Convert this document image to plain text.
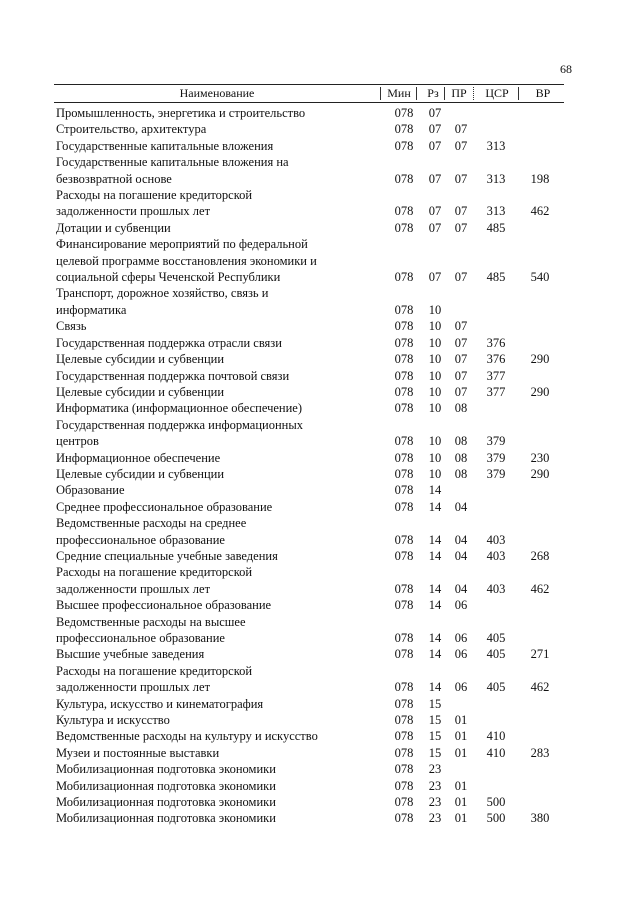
68
Наименование	Мин Рз ПР	ЦСР	ВР
Промышленность, энергетика и строительство	078	07
Строительство, архитектура	078	07	07
Государственные капитальные вложения	078	07	07	313
Государственные капитальные вложения на
безвозвратной основе	078	07	07	313	198
Расходы на погашение кредиторской
задолженности прошлых лет	078	07	07	313	462
Дотации и субвенции	078	07	07	485
Финансирование мероприятий по федеральной
целевой программе восстановления экономики и
социальной сферы Чеченской Республики	078	07	07	485	540
Транспорт, дорожное хозяйство, связь и
информатика	078	10
Связь	078	10	07
Государственная поддержка отрасли связи	078	10	07	376
Целевые субсидии и субвенции	078	10	07	376	290
Государственная поддержка почтовой связи	078	10	07	377
Целевые субсидии и субвенции	078	10	07	377	290
Информатика (информационное обеспечение)	078	10	08
Государственная поддержка информационных
центров	078	10	08	379
Информационное обеспечение	078	10	08	379	230
Целевые субсидии и субвенции	078	10	08	379	290
Образование	078	14
Среднее профессиональное образование	078	14	04
Ведомственные расходы на среднее
профессиональное образование	078	14	04	403
Средние специальные учебные заведения	078	14	04	403	268
Расходы на погашение кредиторской
задолженности прошлых лет	078	14	04	403	462
Высшее профессиональное образование	078	14	06
Ведомственные расходы на высшее
профессиональное образование	078	14	06	405
Высшие учебные заведения	078	14	06	405	271
Расходы на погашение кредиторской
задолженности прошлых лет	078	14	06	405	462
Культура, искусство и кинематография	078	15
Культура и искусство	078	15	01
Ведомственные расходы на культуру и искусство	078	15	01	410
Музеи и постоянные выставки	078	15	01	410	283
Мобилизационная подготовка экономики	078	23
Мобилизационная подготовка экономики	078	23	01
Мобилизационная подготовка экономики	078	23	01	500
Мобилизационная подготовка экономики	078	23	01	500	380
